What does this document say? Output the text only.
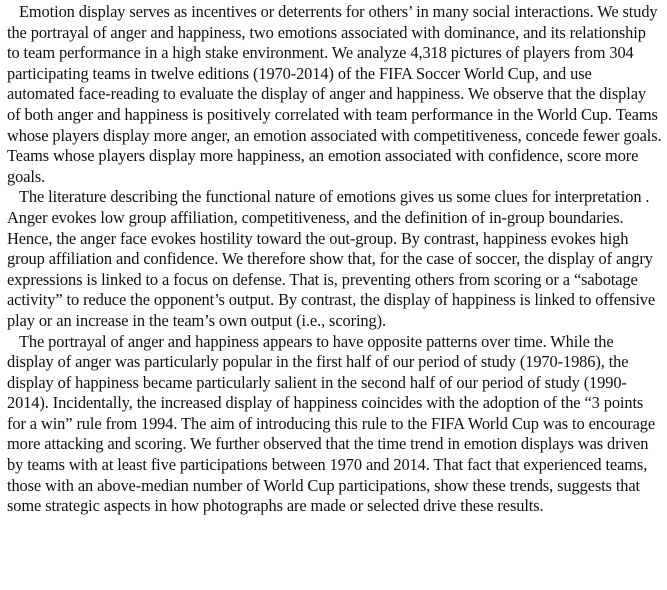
Emotion display serves as incentives or deterrents for others’ in many social interactions. We study the portrayal of anger and happiness, two emotions associated with dominance, and its relationship to team performance in a high stake environment. We analyze 4,318 pictures of players from 304 participating teams in twelve editions (1970-2014) of the FIFA Soccer World Cup, and use automated face-reading to evaluate the display of anger and happiness. We observe that the display of both anger and happiness is positively correlated with team performance in the World Cup. Teams whose players display more anger, an emotion associated with competitiveness, concede fewer goals. Teams whose players display more happiness, an emotion associated with confidence, score more goals.

The literature describing the functional nature of emotions gives us some clues for interpretation . Anger evokes low group affiliation, competitiveness, and the definition of in-group boundaries. Hence, the anger face evokes hostility toward the out-group. By contrast, happiness evokes high group affiliation and confidence. We therefore show that, for the case of soccer, the display of angry expressions is linked to a focus on defense. That is, preventing others from scoring or a “sabotage activity” to reduce the opponent’s output. By contrast, the display of happiness is linked to offensive play or an increase in the team’s own output (i.e., scoring).

The portrayal of anger and happiness appears to have opposite patterns over time. While the display of anger was particularly popular in the first half of our period of study (1970-1986), the display of happiness became particularly salient in the second half of our period of study (1990-2014). Incidentally, the increased display of happiness coincides with the adoption of the “3 points for a win” rule from 1994. The aim of introducing this rule to the FIFA World Cup was to encourage more attacking and scoring. We further observed that the time trend in emotion displays was driven by teams with at least five participations between 1970 and 2014. That fact that experienced teams, those with an above-median number of World Cup participations, show these trends, suggests that some strategic aspects in how photographs are made or selected drive these results.
